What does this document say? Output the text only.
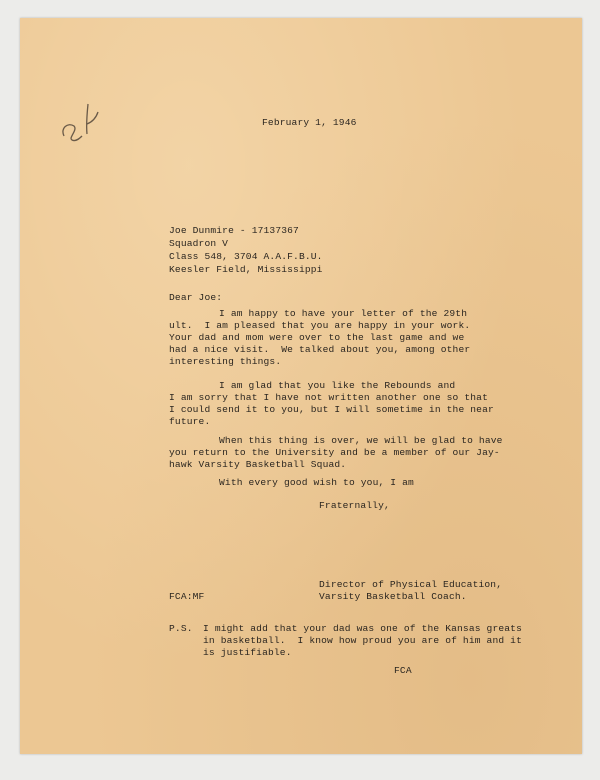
February 1, 1946
Joe Dunmire - 17137367
Squadron V
Class 548, 3704 A.A.F.B.U.
Keesler Field, Mississippi
Dear Joe:
I am happy to have your letter of the 29th
ult.  I am pleased that you are happy in your work.
Your dad and mom were over to the last game and we
had a nice visit.  We talked about you, among other
interesting things.
I am glad that you like the Rebounds and
I am sorry that I have not written another one so that
I could send it to you, but I will sometime in the near
future.
When this thing is over, we will be glad to have
you return to the University and be a member of our Jay-
hawk Varsity Basketball Squad.
With every good wish to you, I am
Fraternally,
Director of Physical Education,
Varsity Basketball Coach.
FCA:MF
P.S. I might add that your dad was one of the Kansas greats
in basketball.  I know how proud you are of him and it
is justifiable.
FCA
